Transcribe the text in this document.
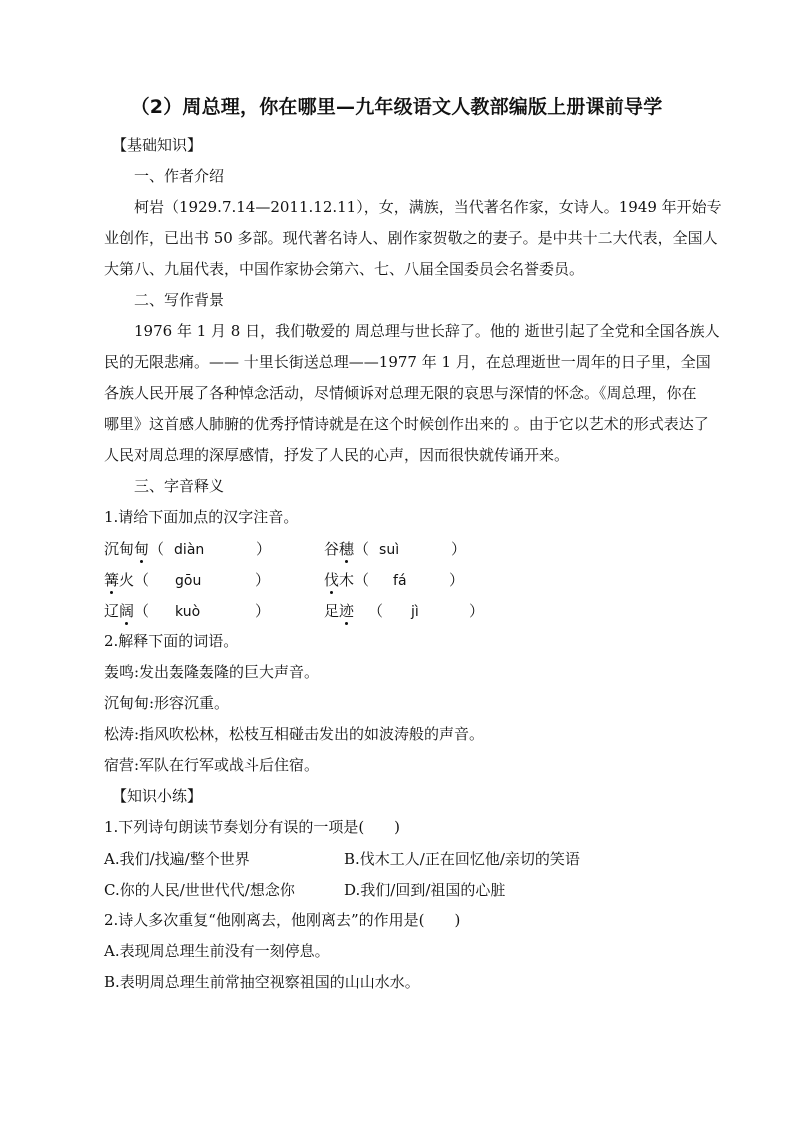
（2）周总理，你在哪里—九年级语文人教部编版上册课前导学

【基础知识】

一、作者介绍

柯岩（1929.7.14—2011.12.11），女，满族，当代著名作家，女诗人。1949 年开始专

业创作，已出书 50 多部。现代著名诗人、剧作家贺敬之的妻子。是中共十二大代表，全国人

大第八、九届代表，中国作家协会第六、七、八届全国委员会名誉委员。

二、写作背景

1976 年 1 月 8 日，我们敬爱的 周总理与世长辞了。他的 逝世引起了全党和全国各族人

民的无限悲痛。—— 十里长街送总理——1977 年 1 月，在总理逝世一周年的日子里，全国

各族人民开展了各种悼念活动，尽情倾诉对总理无限的哀思与深情的怀念。《周总理，你在

哪里》这首感人肺腑的优秀抒情诗就是在这个时候创作出来的 。由于它以艺术的形式表达了

人民对周总理的深厚感情，抒发了人民的心声，因而很快就传诵开来。

三、字音释义

1.请给下面加点的汉字注音。

沉甸甸（ diàn	）	谷穗（ suì	）
篝火（ gōu	）	伐木（ fá	）
辽阔（ kuò	）	足迹 （ jì	）

2.解释下面的词语。

轰鸣:发出轰隆轰隆的巨大声音。

沉甸甸:形容沉重。

松涛:指风吹松林，松枝互相碰击发出的如波涛般的声音。

宿营:军队在行军或战斗后住宿。

【知识小练】

1.下列诗句朗读节奏划分有误的一项是(　　)

A.我们/找遍/整个世界	B.伐木工人/正在回忆他/亲切的笑语
C.你的人民/世世代代/想念你	D.我们/回到/祖国的心脏

2.诗人多次重复“他刚离去，他刚离去”的作用是(　　)

A.表现周总理生前没有一刻停息。

B.表明周总理生前常抽空视察祖国的山山水水。
